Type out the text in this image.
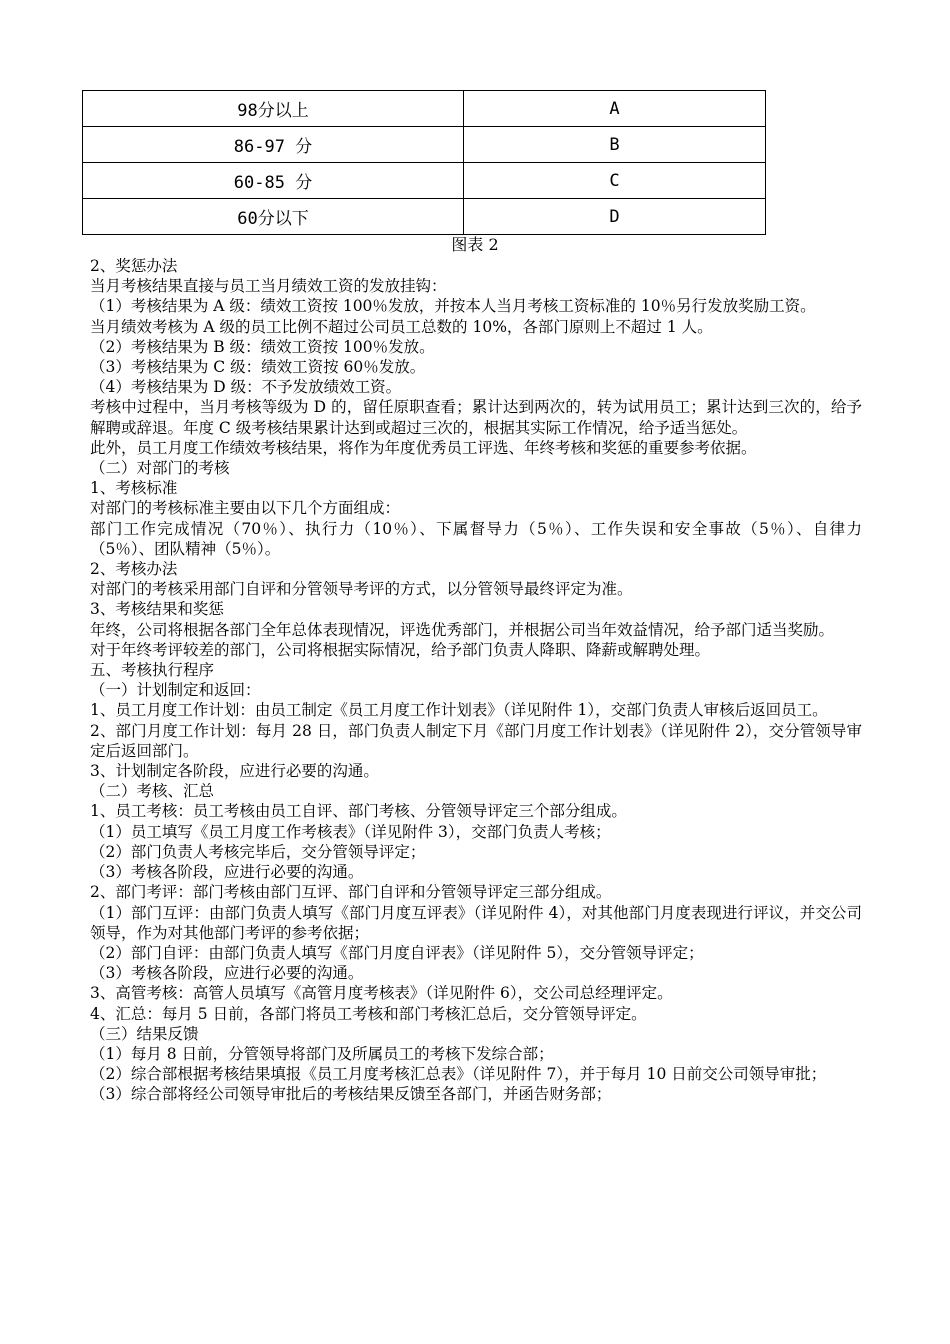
98分以上	A
86-97 分	B
60-85 分	C
60分以下	D
图表 2

2、奖惩办法

当月考核结果直接与员工当月绩效工资的发放挂钩：

（1）考核结果为 A 级：绩效工资按 100％发放，并按本人当月考核工资标准的 10％另行发放奖励工资。

当月绩效考核为 A 级的员工比例不超过公司员工总数的 10%，各部门原则上不超过 1 人。

（2）考核结果为 B 级：绩效工资按 100％发放。

（3）考核结果为 C 级：绩效工资按 60％发放。

（4）考核结果为 D 级：不予发放绩效工资。

考核中过程中，当月考核等级为 D 的，留任原职查看；累计达到两次的，转为试用员工；累计达到三次的，给予解聘或辞退。年度 C 级考核结果累计达到或超过三次的，根据其实际工作情况，给予适当惩处。

此外，员工月度工作绩效考核结果，将作为年度优秀员工评选、年终考核和奖惩的重要参考依据。

（二）对部门的考核

1、考核标准

对部门的考核标准主要由以下几个方面组成：

部门工作完成情况（70％）、执行力（10％）、下属督导力（5％）、工作失误和安全事故（5％）、自律力（5％）、团队精神（5％）。

2、考核办法

对部门的考核采用部门自评和分管领导考评的方式，以分管领导最终评定为准。

3、考核结果和奖惩

年终，公司将根据各部门全年总体表现情况，评选优秀部门，并根据公司当年效益情况，给予部门适当奖励。

对于年终考评较差的部门，公司将根据实际情况，给予部门负责人降职、降薪或解聘处理。

五、考核执行程序

（一）计划制定和返回：

1、员工月度工作计划：由员工制定《员工月度工作计划表》（详见附件 1），交部门负责人审核后返回员工。

2、部门月度工作计划：每月 28 日，部门负责人制定下月《部门月度工作计划表》（详见附件 2），交分管领导审定后返回部门。

3、计划制定各阶段，应进行必要的沟通。

（二）考核、汇总

1、员工考核：员工考核由员工自评、部门考核、分管领导评定三个部分组成。

（1）员工填写《员工月度工作考核表》（详见附件 3），交部门负责人考核；

（2）部门负责人考核完毕后，交分管领导评定；

（3）考核各阶段，应进行必要的沟通。

2、部门考评：部门考核由部门互评、部门自评和分管领导评定三部分组成。

（1）部门互评：由部门负责人填写《部门月度互评表》（详见附件 4），对其他部门月度表现进行评议，并交公司领导，作为对其他部门考评的参考依据；

（2）部门自评：由部门负责人填写《部门月度自评表》（详见附件 5），交分管领导评定；

（3）考核各阶段，应进行必要的沟通。

3、高管考核：高管人员填写《高管月度考核表》（详见附件 6），交公司总经理评定。

4、汇总：每月 5 日前，各部门将员工考核和部门考核汇总后，交分管领导评定。

（三）结果反馈

（1）每月 8 日前，分管领导将部门及所属员工的考核下发综合部；

（2）综合部根据考核结果填报《员工月度考核汇总表》（详见附件 7），并于每月 10 日前交公司领导审批；

（3）综合部将经公司领导审批后的考核结果反馈至各部门，并函告财务部；
